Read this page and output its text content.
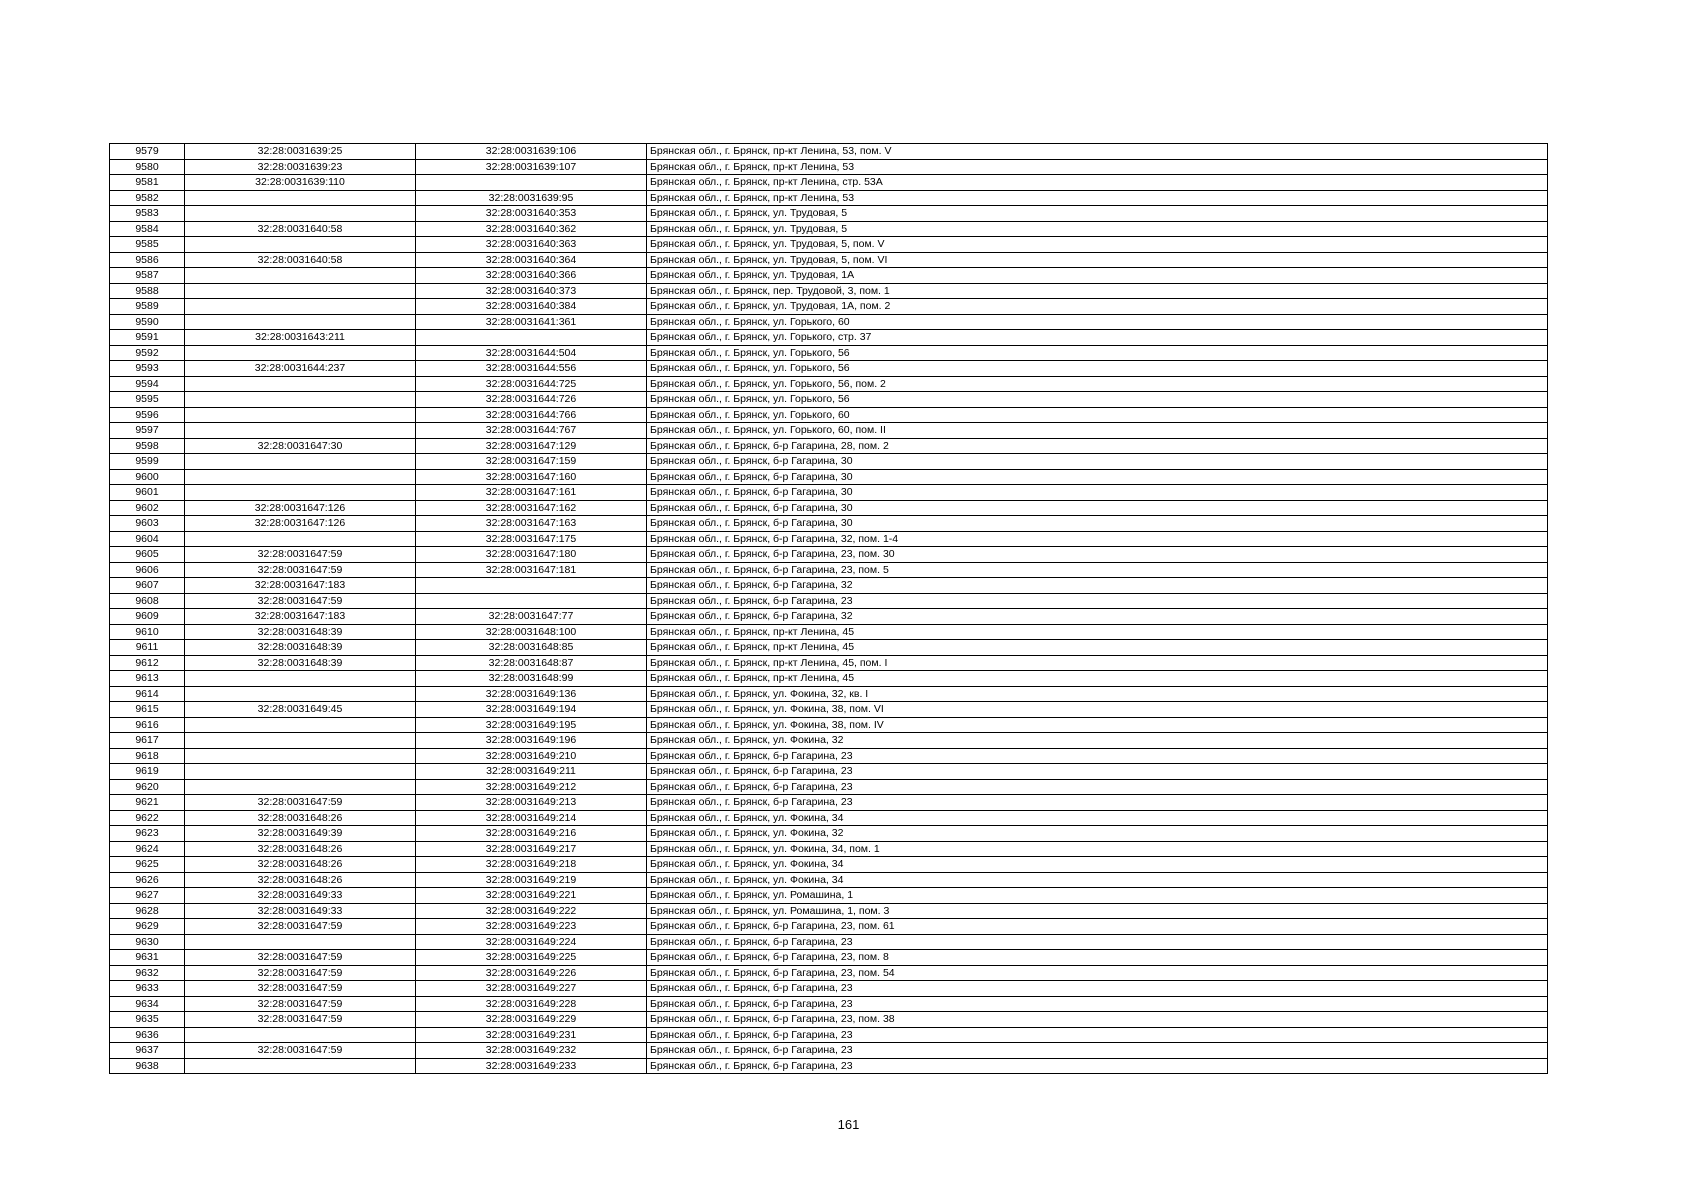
9579	32:28:0031639:25	32:28:0031639:106	Брянская обл., г. Брянск, пр-кт Ленина, 53, пом. V
9580	32:28:0031639:23	32:28:0031639:107	Брянская обл., г. Брянск, пр-кт Ленина, 53
9581	32:28:0031639:110		Брянская обл., г. Брянск, пр-кт Ленина, стр. 53А
9582		32:28:0031639:95	Брянская обл., г. Брянск, пр-кт Ленина, 53
9583		32:28:0031640:353	Брянская обл., г. Брянск, ул. Трудовая, 5
9584	32:28:0031640:58	32:28:0031640:362	Брянская обл., г. Брянск, ул. Трудовая, 5
9585		32:28:0031640:363	Брянская обл., г. Брянск, ул. Трудовая, 5, пом. V
9586	32:28:0031640:58	32:28:0031640:364	Брянская обл., г. Брянск, ул. Трудовая, 5, пом. VI
9587		32:28:0031640:366	Брянская обл., г. Брянск, ул. Трудовая, 1А
9588		32:28:0031640:373	Брянская обл., г. Брянск, пер. Трудовой, 3, пом. 1
9589		32:28:0031640:384	Брянская обл., г. Брянск, ул. Трудовая, 1А, пом. 2
9590		32:28:0031641:361	Брянская обл., г. Брянск, ул. Горького, 60
9591	32:28:0031643:211		Брянская обл., г. Брянск, ул. Горького, стр. 37
9592		32:28:0031644:504	Брянская обл., г. Брянск, ул. Горького, 56
9593	32:28:0031644:237	32:28:0031644:556	Брянская обл., г. Брянск, ул. Горького, 56
9594		32:28:0031644:725	Брянская обл., г. Брянск, ул. Горького, 56, пом. 2
9595		32:28:0031644:726	Брянская обл., г. Брянск, ул. Горького, 56
9596		32:28:0031644:766	Брянская обл., г. Брянск, ул. Горького, 60
9597		32:28:0031644:767	Брянская обл., г. Брянск, ул. Горького, 60, пом. II
9598	32:28:0031647:30	32:28:0031647:129	Брянская обл., г. Брянск, б-р Гагарина, 28, пом. 2
9599		32:28:0031647:159	Брянская обл., г. Брянск, б-р Гагарина, 30
9600		32:28:0031647:160	Брянская обл., г. Брянск, б-р Гагарина, 30
9601		32:28:0031647:161	Брянская обл., г. Брянск, б-р Гагарина, 30
9602	32:28:0031647:126	32:28:0031647:162	Брянская обл., г. Брянск, б-р Гагарина, 30
9603	32:28:0031647:126	32:28:0031647:163	Брянская обл., г. Брянск, б-р Гагарина, 30
9604		32:28:0031647:175	Брянская обл., г. Брянск, б-р Гагарина, 32, пом. 1-4
9605	32:28:0031647:59	32:28:0031647:180	Брянская обл., г. Брянск, б-р Гагарина, 23, пом. 30
9606	32:28:0031647:59	32:28:0031647:181	Брянская обл., г. Брянск, б-р Гагарина, 23, пом. 5
9607	32:28:0031647:183		Брянская обл., г. Брянск, б-р Гагарина, 32
9608	32:28:0031647:59		Брянская обл., г. Брянск, б-р Гагарина, 23
9609	32:28:0031647:183	32:28:0031647:77	Брянская обл., г. Брянск, б-р Гагарина, 32
9610	32:28:0031648:39	32:28:0031648:100	Брянская обл., г. Брянск, пр-кт Ленина, 45
9611	32:28:0031648:39	32:28:0031648:85	Брянская обл., г. Брянск, пр-кт Ленина, 45
9612	32:28:0031648:39	32:28:0031648:87	Брянская обл., г. Брянск, пр-кт Ленина, 45, пом. I
9613		32:28:0031648:99	Брянская обл., г. Брянск, пр-кт Ленина, 45
9614		32:28:0031649:136	Брянская обл., г. Брянск, ул. Фокина, 32, кв. I
9615	32:28:0031649:45	32:28:0031649:194	Брянская обл., г. Брянск, ул. Фокина, 38, пом. VI
9616		32:28:0031649:195	Брянская обл., г. Брянск, ул. Фокина, 38, пом. IV
9617		32:28:0031649:196	Брянская обл., г. Брянск, ул. Фокина, 32
9618		32:28:0031649:210	Брянская обл., г. Брянск, б-р Гагарина, 23
9619		32:28:0031649:211	Брянская обл., г. Брянск, б-р Гагарина, 23
9620		32:28:0031649:212	Брянская обл., г. Брянск, б-р Гагарина, 23
9621	32:28:0031647:59	32:28:0031649:213	Брянская обл., г. Брянск, б-р Гагарина, 23
9622	32:28:0031648:26	32:28:0031649:214	Брянская обл., г. Брянск, ул. Фокина, 34
9623	32:28:0031649:39	32:28:0031649:216	Брянская обл., г. Брянск, ул. Фокина, 32
9624	32:28:0031648:26	32:28:0031649:217	Брянская обл., г. Брянск, ул. Фокина, 34, пом. 1
9625	32:28:0031648:26	32:28:0031649:218	Брянская обл., г. Брянск, ул. Фокина, 34
9626	32:28:0031648:26	32:28:0031649:219	Брянская обл., г. Брянск, ул. Фокина, 34
9627	32:28:0031649:33	32:28:0031649:221	Брянская обл., г. Брянск, ул. Ромашина, 1
9628	32:28:0031649:33	32:28:0031649:222	Брянская обл., г. Брянск, ул. Ромашина, 1, пом. 3
9629	32:28:0031647:59	32:28:0031649:223	Брянская обл., г. Брянск, б-р Гагарина, 23, пом. 61
9630		32:28:0031649:224	Брянская обл., г. Брянск, б-р Гагарина, 23
9631	32:28:0031647:59	32:28:0031649:225	Брянская обл., г. Брянск, б-р Гагарина, 23, пом. 8
9632	32:28:0031647:59	32:28:0031649:226	Брянская обл., г. Брянск, б-р Гагарина, 23, пом. 54
9633	32:28:0031647:59	32:28:0031649:227	Брянская обл., г. Брянск, б-р Гагарина, 23
9634	32:28:0031647:59	32:28:0031649:228	Брянская обл., г. Брянск, б-р Гагарина, 23
9635	32:28:0031647:59	32:28:0031649:229	Брянская обл., г. Брянск, б-р Гагарина, 23, пом. 38
9636		32:28:0031649:231	Брянская обл., г. Брянск, б-р Гагарина, 23
9637	32:28:0031647:59	32:28:0031649:232	Брянская обл., г. Брянск, б-р Гагарина, 23
9638		32:28:0031649:233	Брянская обл., г. Брянск, б-р Гагарина, 23
161
